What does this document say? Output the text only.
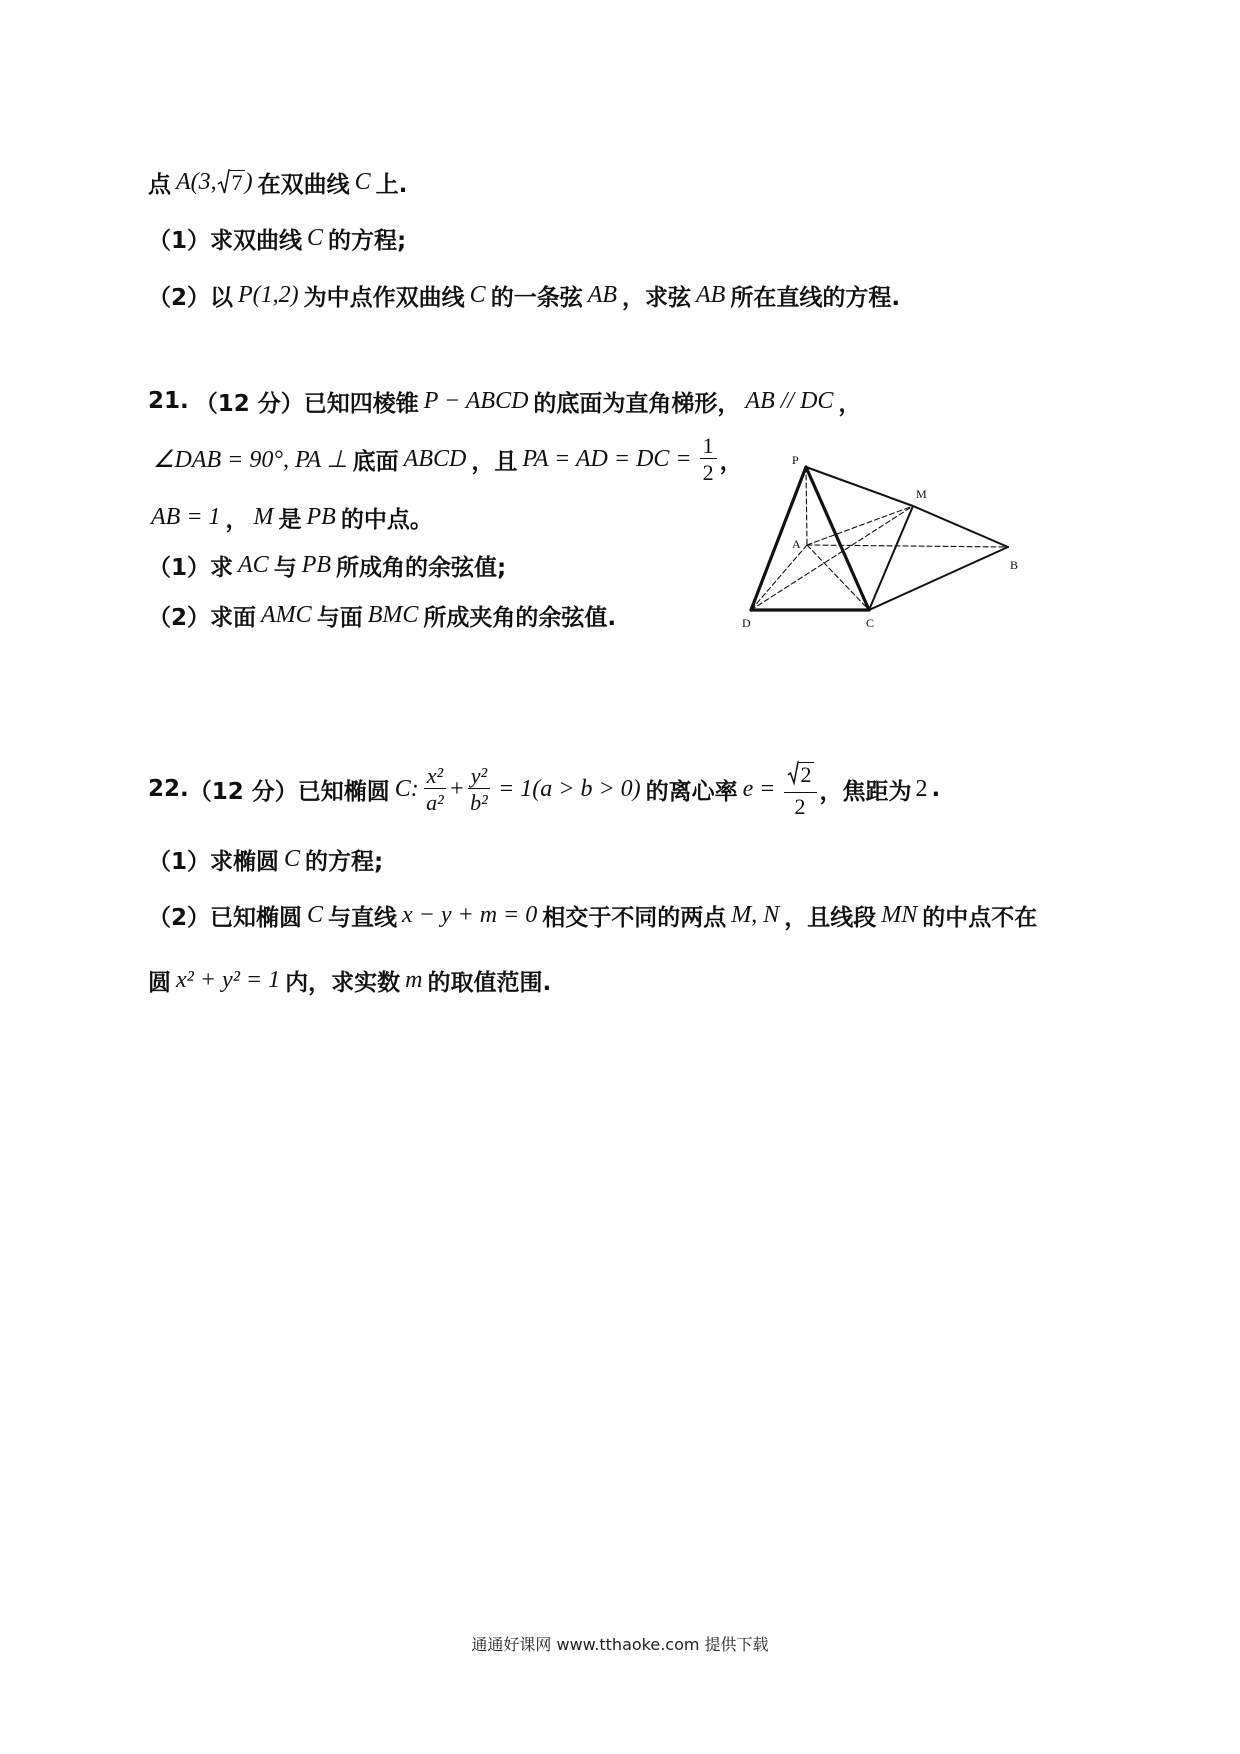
点 A(3, 7 ) 在双曲线 C 上.
（1）求双曲线 C 的方程;
（2）以 P(1,2) 为中点作双曲线 C 的一条弦 AB ，求弦 AB 所在直线的方程.
21. （12 分）已知四棱锥 P − ABCD 的底面为直角梯形， AB // DC ，
∠DAB = 90°, PA ⊥ 底面 ABCD ，且 PA = AD = DC = $\frac{1}{2}$ ，
AB = 1 ， M 是 PB 的中点。
（1）求 AC 与 PB 所成角的余弦值;
（2）求面 AMC 与面 BMC 所成夹角的余弦值.
P
M
A
B
D	C
22. （12 分）已知椭圆 C: $\frac{\text{x²}}{\text{a²}} + \frac{\text{y²}}{\text{b²}} = 1(a > b > 0)$ 的离心率 $e = \frac{2}{2}$ ，焦距为 2 .
（1）求椭圆 C 的方程;
（2）已知椭圆 C 与直线 x − y + m = 0 相交于不同的两点 M, N ，且线段 MN 的中点不在
圆 x² + y² = 1 内，求实数 m 的取值范围.
通通好课网 www.tthaoke.com 提供下载
